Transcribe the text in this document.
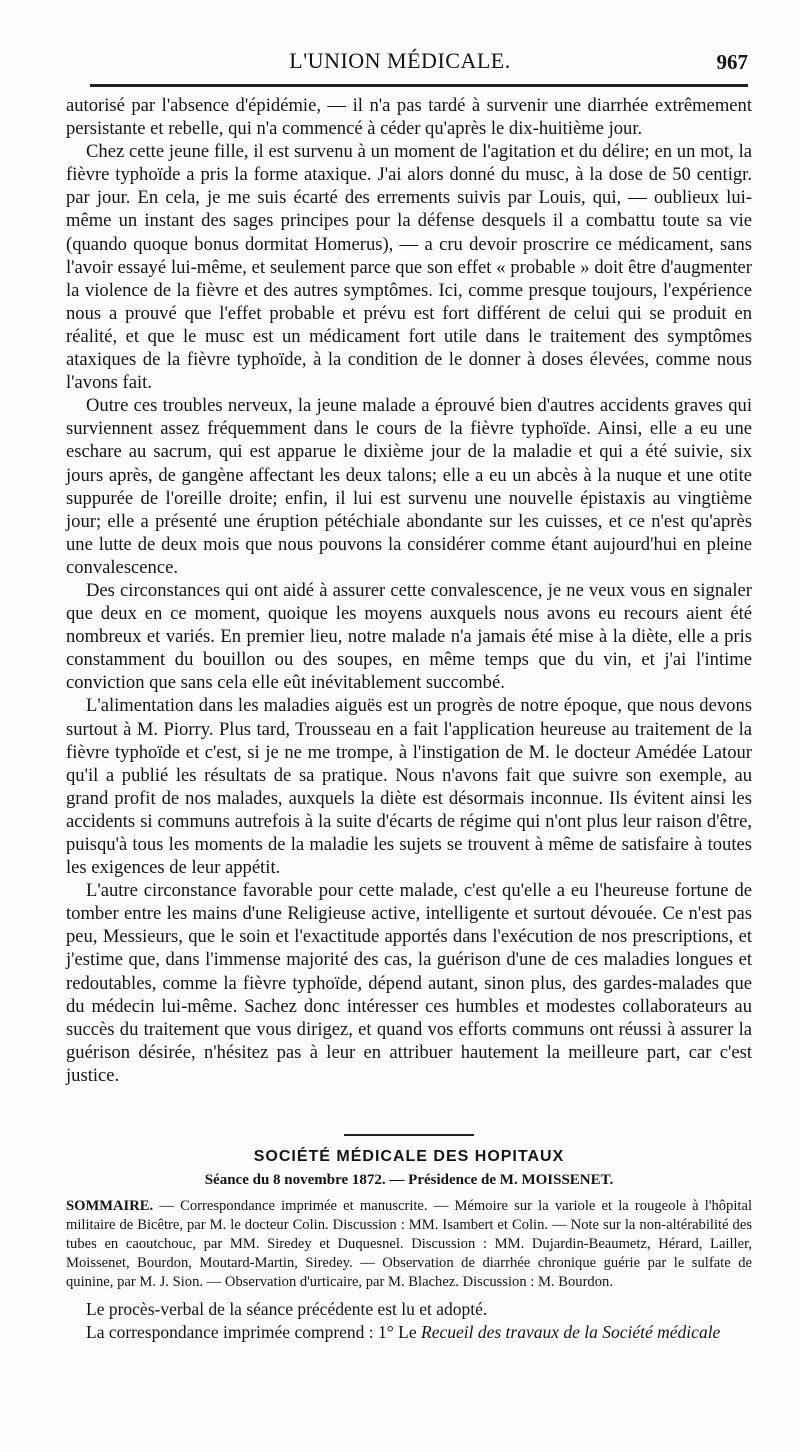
L'UNION MÉDICALE.	967

autorisé par l'absence d'épidémie, — il n'a pas tardé à survenir une diarrhée extrêmement persistante et rebelle, qui n'a commencé à céder qu'après le dix-huitième jour.

Chez cette jeune fille, il est survenu à un moment de l'agitation et du délire; en un mot, la fièvre typhoïde a pris la forme ataxique. J'ai alors donné du musc, à la dose de 50 centigr. par jour. En cela, je me suis écarté des errements suivis par Louis, qui, — oublieux lui-même un instant des sages principes pour la défense desquels il a combattu toute sa vie (quando quoque bonus dormitat Homerus), — a cru devoir proscrire ce médicament, sans l'avoir essayé lui-même, et seulement parce que son effet « probable » doit être d'augmenter la violence de la fièvre et des autres symptômes. Ici, comme presque toujours, l'expérience nous a prouvé que l'effet probable et prévu est fort différent de celui qui se produit en réalité, et que le musc est un médicament fort utile dans le traitement des symptômes ataxiques de la fièvre typhoïde, à la condition de le donner à doses élevées, comme nous l'avons fait.

Outre ces troubles nerveux, la jeune malade a éprouvé bien d'autres accidents graves qui surviennent assez fréquemment dans le cours de la fièvre typhoïde. Ainsi, elle a eu une eschare au sacrum, qui est apparue le dixième jour de la maladie et qui a été suivie, six jours après, de gangène affectant les deux talons; elle a eu un abcès à la nuque et une otite suppurée de l'oreille droite; enfin, il lui est survenu une nouvelle épistaxis au vingtième jour; elle a présenté une éruption pétéchiale abondante sur les cuisses, et ce n'est qu'après une lutte de deux mois que nous pouvons la considérer comme étant aujourd'hui en pleine convalescence.

Des circonstances qui ont aidé à assurer cette convalescence, je ne veux vous en signaler que deux en ce moment, quoique les moyens auxquels nous avons eu recours aient été nombreux et variés. En premier lieu, notre malade n'a jamais été mise à la diète, elle a pris constamment du bouillon ou des soupes, en même temps que du vin, et j'ai l'intime conviction que sans cela elle eût inévitablement succombé.

L'alimentation dans les maladies aiguës est un progrès de notre époque, que nous devons surtout à M. Piorry. Plus tard, Trousseau en a fait l'application heureuse au traitement de la fièvre typhoïde et c'est, si je ne me trompe, à l'instigation de M. le docteur Amédée Latour qu'il a publié les résultats de sa pratique. Nous n'avons fait que suivre son exemple, au grand profit de nos malades, auxquels la diète est désormais inconnue. Ils évitent ainsi les accidents si communs autrefois à la suite d'écarts de régime qui n'ont plus leur raison d'être, puisqu'à tous les moments de la maladie les sujets se trouvent à même de satisfaire à toutes les exigences de leur appétit.

L'autre circonstance favorable pour cette malade, c'est qu'elle a eu l'heureuse fortune de tomber entre les mains d'une Religieuse active, intelligente et surtout dévouée. Ce n'est pas peu, Messieurs, que le soin et l'exactitude apportés dans l'exécution de nos prescriptions, et j'estime que, dans l'immense majorité des cas, la guérison d'une de ces maladies longues et redoutables, comme la fièvre typhoïde, dépend autant, sinon plus, des gardes-malades que du médecin lui-même. Sachez donc intéresser ces humbles et modestes collaborateurs au succès du traitement que vous dirigez, et quand vos efforts communs ont réussi à assurer la guérison désirée, n'hésitez pas à leur en attribuer hautement la meilleure part, car c'est justice.

SOCIÉTÉ MÉDICALE DES HOPITAUX
Séance du 8 novembre 1872. — Présidence de M. MOISSENET.
SOMMAIRE. — Correspondance imprimée et manuscrite. — Mémoire sur la variole et la rougeole à l'hôpital militaire de Bicêtre, par M. le docteur Colin. Discussion : MM. Isambert et Colin. — Note sur la non-altérabilité des tubes en caoutchouc, par MM. Siredey et Duquesnel. Discussion : MM. Dujardin-Beaumetz, Hérard, Lailler, Moissenet, Bourdon, Moutard-Martin, Siredey. — Observation de diarrhée chronique guérie par le sulfate de quinine, par M. J. Sion. — Observation d'urticaire, par M. Blachez. Discussion : M. Bourdon.

Le procès-verbal de la séance précédente est lu et adopté.

La correspondance imprimée comprend : 1° Le Recueil des travaux de la Société médicale
